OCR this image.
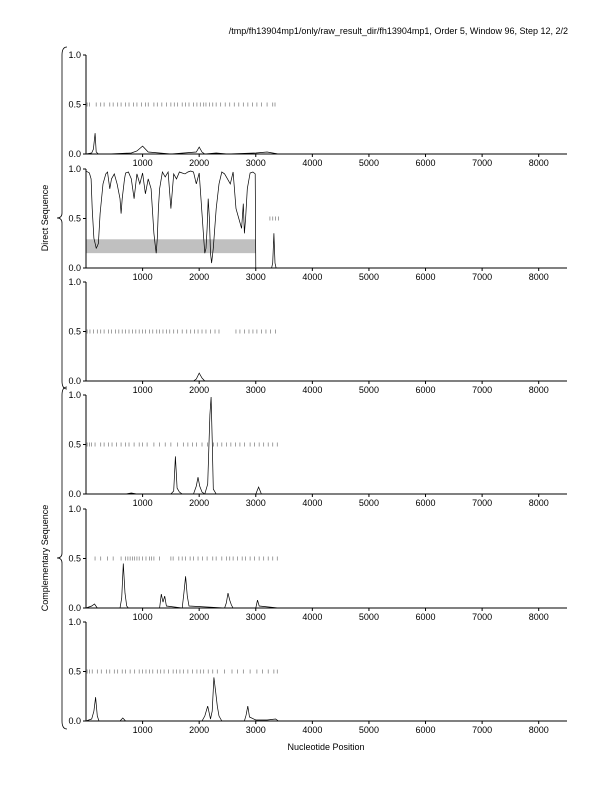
/tmp/fh13904mp1/only/raw_result_dir/fh13904mp1, Order 5, Window 96, Step 12, 2/2
0.0
0.5
1.0
1000	2000	3000	4000	5000	6000	7000	8000
0.0
0.5
1.0
1000	2000	3000	4000	5000	6000	7000	8000
0.0
0.5
1.0
1000	2000	3000	4000	5000	6000	7000	8000
0.0
0.5
1.0
1000	2000	3000	4000	5000	6000	7000	8000
0.0
0.5
1.0
1000	2000	3000	4000	5000	6000	7000	8000
0.0
0.5
1.0
1000	2000	3000	4000	5000	6000	7000	8000
Direct Sequence
Complementary Sequence
Nucleotide Position
